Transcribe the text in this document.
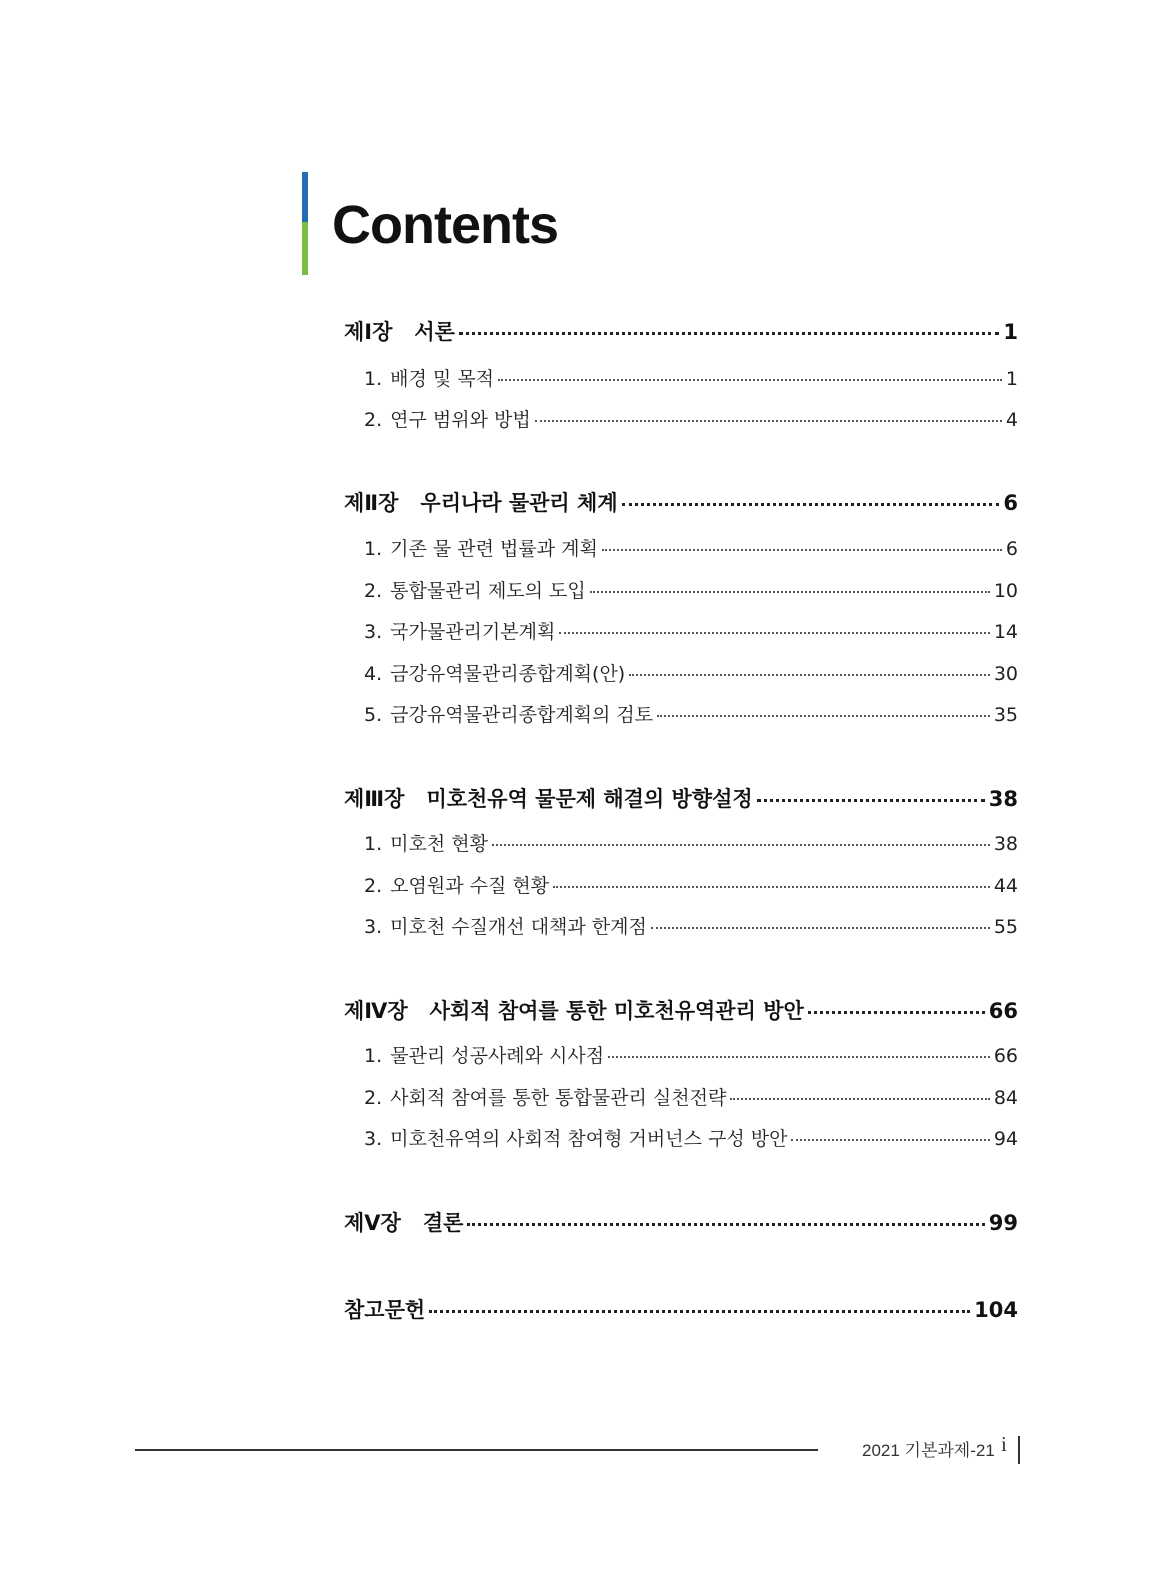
Contents
제Ⅰ장 서론	1
1. 배경 및 목적	1
2. 연구 범위와 방법	4
제Ⅱ장 우리나라 물관리 체계	6
1. 기존 물 관련 법률과 계획	6
2. 통합물관리 제도의 도입	10
3. 국가물관리기본계획	14
4. 금강유역물관리종합계획(안)	30
5. 금강유역물관리종합계획의 검토	35
제Ⅲ장 미호천유역 물문제 해결의 방향설정	38
1. 미호천 현황	38
2. 오염원과 수질 현황	44
3. 미호천 수질개선 대책과 한계점	55
제Ⅳ장 사회적 참여를 통한 미호천유역관리 방안	66
1. 물관리 성공사례와 시사점	66
2. 사회적 참여를 통한 통합물관리 실천전략	84
3. 미호천유역의 사회적 참여형 거버넌스 구성 방안	94
제Ⅴ장 결론	99
참고문헌	104
2021 기본과제-21 i
